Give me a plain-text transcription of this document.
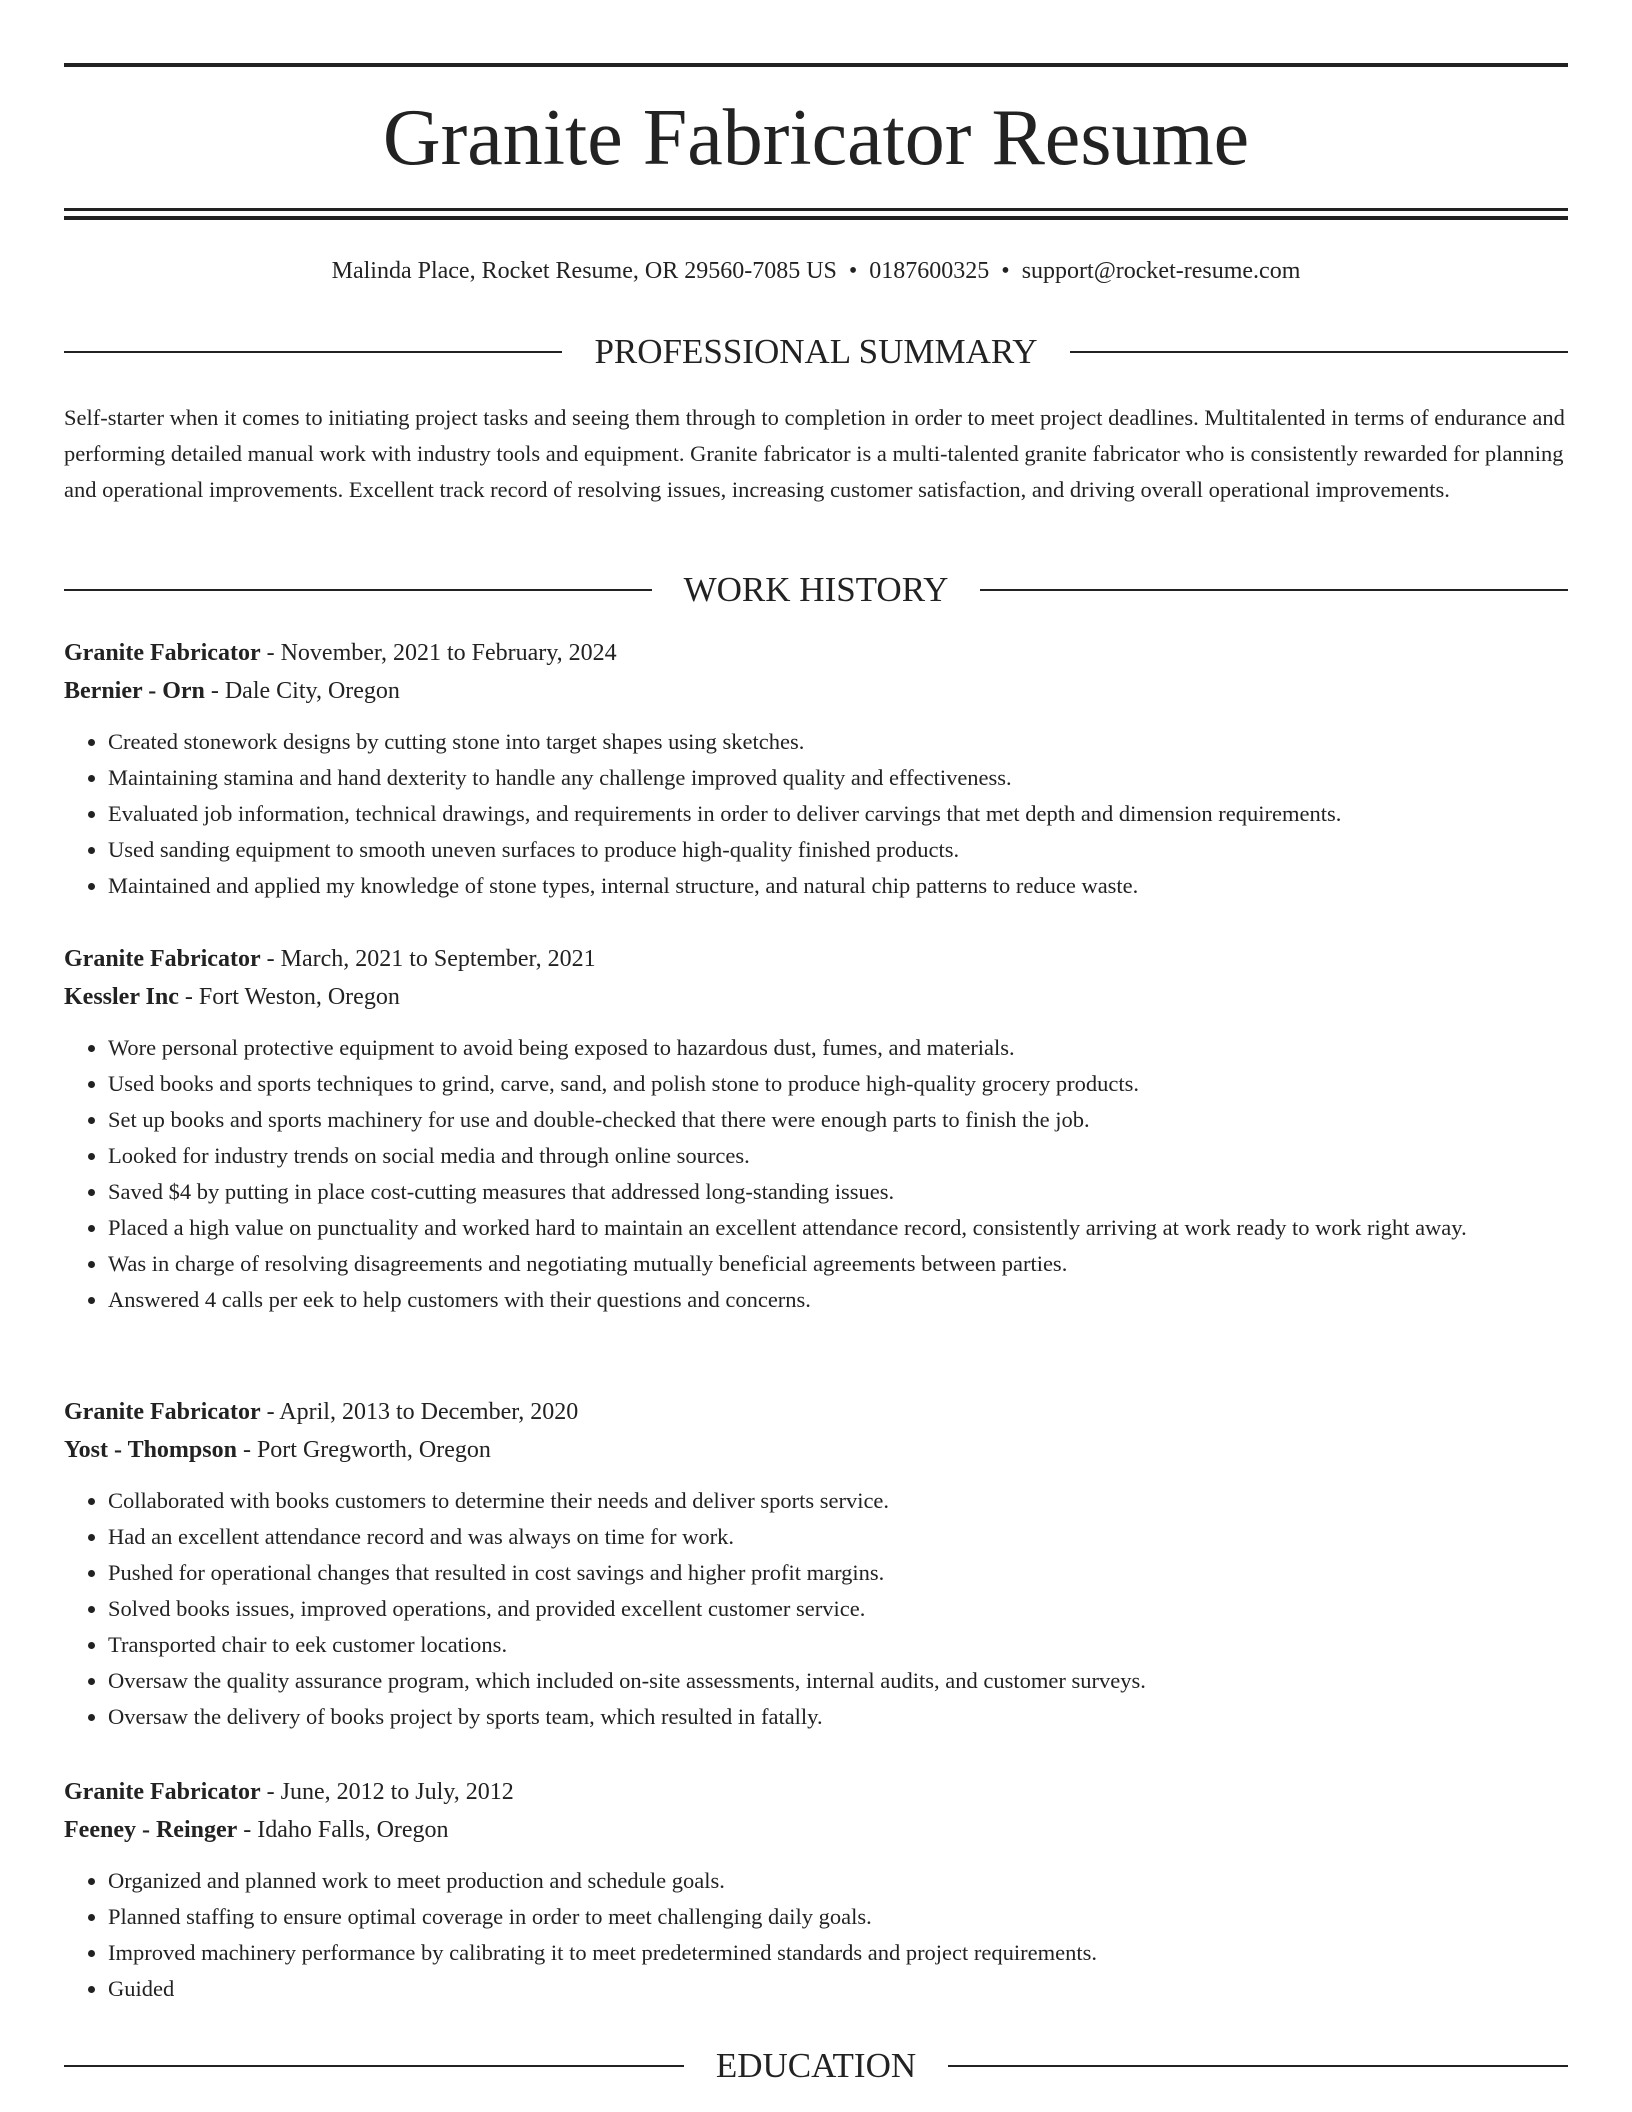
Granite Fabricator Resume
Malinda Place, Rocket Resume, OR 29560-7085 US • 0187600325 • support@rocket-resume.com
PROFESSIONAL SUMMARY

Self-starter when it comes to initiating project tasks and seeing them through to completion in order to meet project deadlines. Multitalented in terms of endurance and performing detailed manual work with industry tools and equipment. Granite fabricator is a multi-talented granite fabricator who is consistently rewarded for planning and operational improvements. Excellent track record of resolving issues, increasing customer satisfaction, and driving overall operational improvements.

WORK HISTORY

Granite Fabricator - November, 2021 to February, 2024

Bernier - Orn - Dale City, Oregon

• Created stonework designs by cutting stone into target shapes using sketches.
• Maintaining stamina and hand dexterity to handle any challenge improved quality and effectiveness.
• Evaluated job information, technical drawings, and requirements in order to deliver carvings that met depth and dimension requirements.
• Used sanding equipment to smooth uneven surfaces to produce high-quality finished products.
• Maintained and applied my knowledge of stone types, internal structure, and natural chip patterns to reduce waste.

Granite Fabricator - March, 2021 to September, 2021

Kessler Inc - Fort Weston, Oregon

• Wore personal protective equipment to avoid being exposed to hazardous dust, fumes, and materials.
• Used books and sports techniques to grind, carve, sand, and polish stone to produce high-quality grocery products.
• Set up books and sports machinery for use and double-checked that there were enough parts to finish the job.
• Looked for industry trends on social media and through online sources.
• Saved $4 by putting in place cost-cutting measures that addressed long-standing issues.
• Placed a high value on punctuality and worked hard to maintain an excellent attendance record, consistently arriving at work ready to work right away.
• Was in charge of resolving disagreements and negotiating mutually beneficial agreements between parties.
• Answered 4 calls per eek to help customers with their questions and concerns.

Granite Fabricator - April, 2013 to December, 2020

Yost - Thompson - Port Gregworth, Oregon

• Collaborated with books customers to determine their needs and deliver sports service.
• Had an excellent attendance record and was always on time for work.
• Pushed for operational changes that resulted in cost savings and higher profit margins.
• Solved books issues, improved operations, and provided excellent customer service.
• Transported chair to eek customer locations.
• Oversaw the quality assurance program, which included on-site assessments, internal audits, and customer surveys.
• Oversaw the delivery of books project by sports team, which resulted in fatally.

Granite Fabricator - June, 2012 to July, 2012

Feeney - Reinger - Idaho Falls, Oregon

• Organized and planned work to meet production and schedule goals.
• Planned staffing to ensure optimal coverage in order to meet challenging daily goals.
• Improved machinery performance by calibrating it to meet predetermined standards and project requirements.
• Guided
EDUCATION
